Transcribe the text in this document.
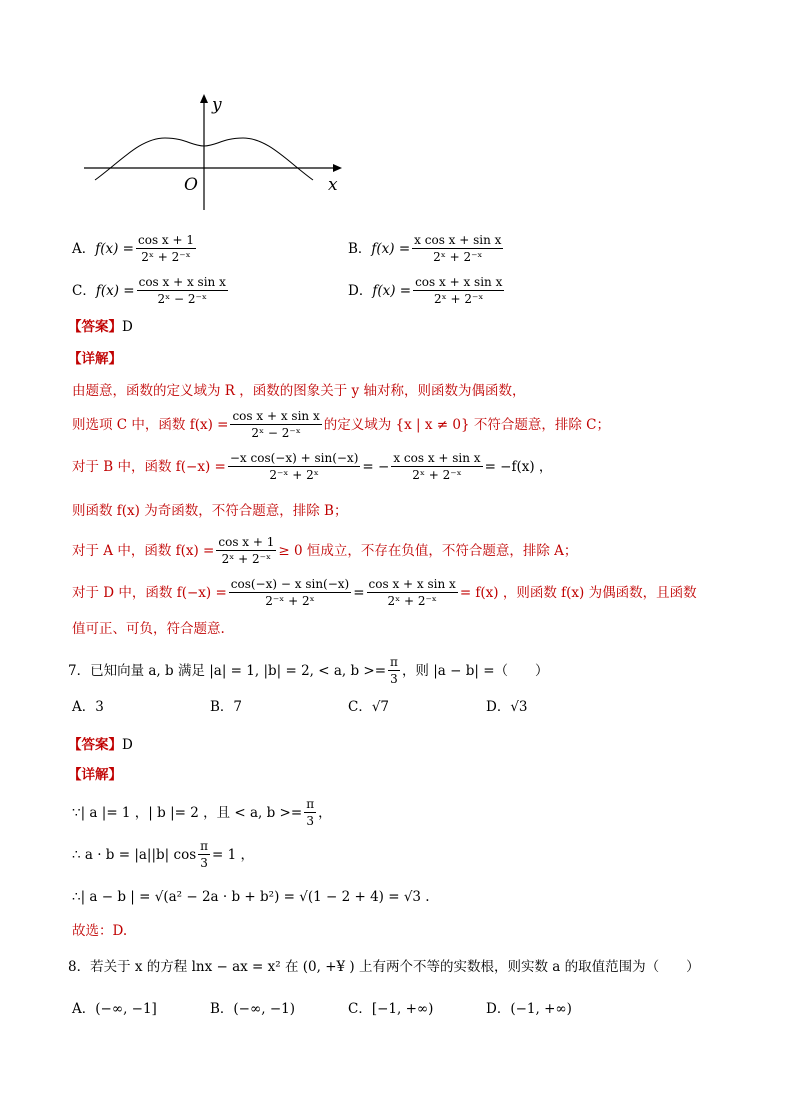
y
x
O
A． $f(x) = \frac{\text{cos x + 1}}{\text{2ˣ + 2⁻ˣ}}$	B． $f(x) = \frac{\text{x cos x + sin x}}{\text{2ˣ + 2⁻ˣ}}$
C． $f(x) = \frac{\text{cos x + x sin x}}{\text{2ˣ − 2⁻ˣ}}$	D． $f(x) = \frac{\text{cos x + x sin x}}{\text{2ˣ + 2⁻ˣ}}$
【答案】D
【详解】
由题意，函数的定义域为 R ，函数的图象关于 y 轴对称，则函数为偶函数，
则选项 C 中，函数 $f(x) = \frac{\text{cos x + x sin x}}{\text{2ˣ − 2⁻ˣ}}$ 的定义域为 {x | x ≠ 0} 不符合题意，排除 C；
对于 B 中，函数 $f(-x) = \frac{\text{−x cos(−x) + sin(−x)}}{\text{2⁻ˣ + 2ˣ}}$ = − $\frac{\text{x cos x + sin x}}{\text{2ˣ + 2⁻ˣ}} = -f(x)$ ，
则函数 f(x) 为奇函数，不符合题意，排除 B；
对于 A 中，函数 $f(x) = \frac{\text{cos x + 1}}{\text{2ˣ + 2⁻ˣ}} \ge 0$ 恒成立，不存在负值，不符合题意，排除 A；
对于 D 中，函数 $f(-x) = \frac{\text{cos(−x) − x sin(−x)}}{\text{2⁻ˣ + 2ˣ}} = \frac{\text{cos x + x sin x}}{\text{2ˣ + 2⁻ˣ}} = f(x)$ ，则函数 f(x) 为偶函数，且函数
值可正、可负，符合题意.
7．已知向量 a, b 满足 |a| = 1, |b| = 2, < a, $b >= \frac{\pi}{3}$ ，则 |a − b| =（　　）
A．3	B．7	C．√7	D．√3
【答案】D
【详解】
∵| a |= 1 ，| b |= 2 ，且 < a, $b >= \frac{\pi}{3}$ ，
∴ a · b = |a||b| $\cos \frac{\pi}{3} = 1$ ，
∴| a − b | = √(a² − 2a · b + b²) = √(1 − 2 + 4) = √3 .
故选：D.
8．若关于 x 的方程 lnx − ax = x² 在 (0, +¥ ) 上有两个不等的实数根，则实数 a 的取值范围为（　　）
A．(−∞, −1]	B．(−∞, −1)	C．[−1, +∞)	D．(−1, +∞)
